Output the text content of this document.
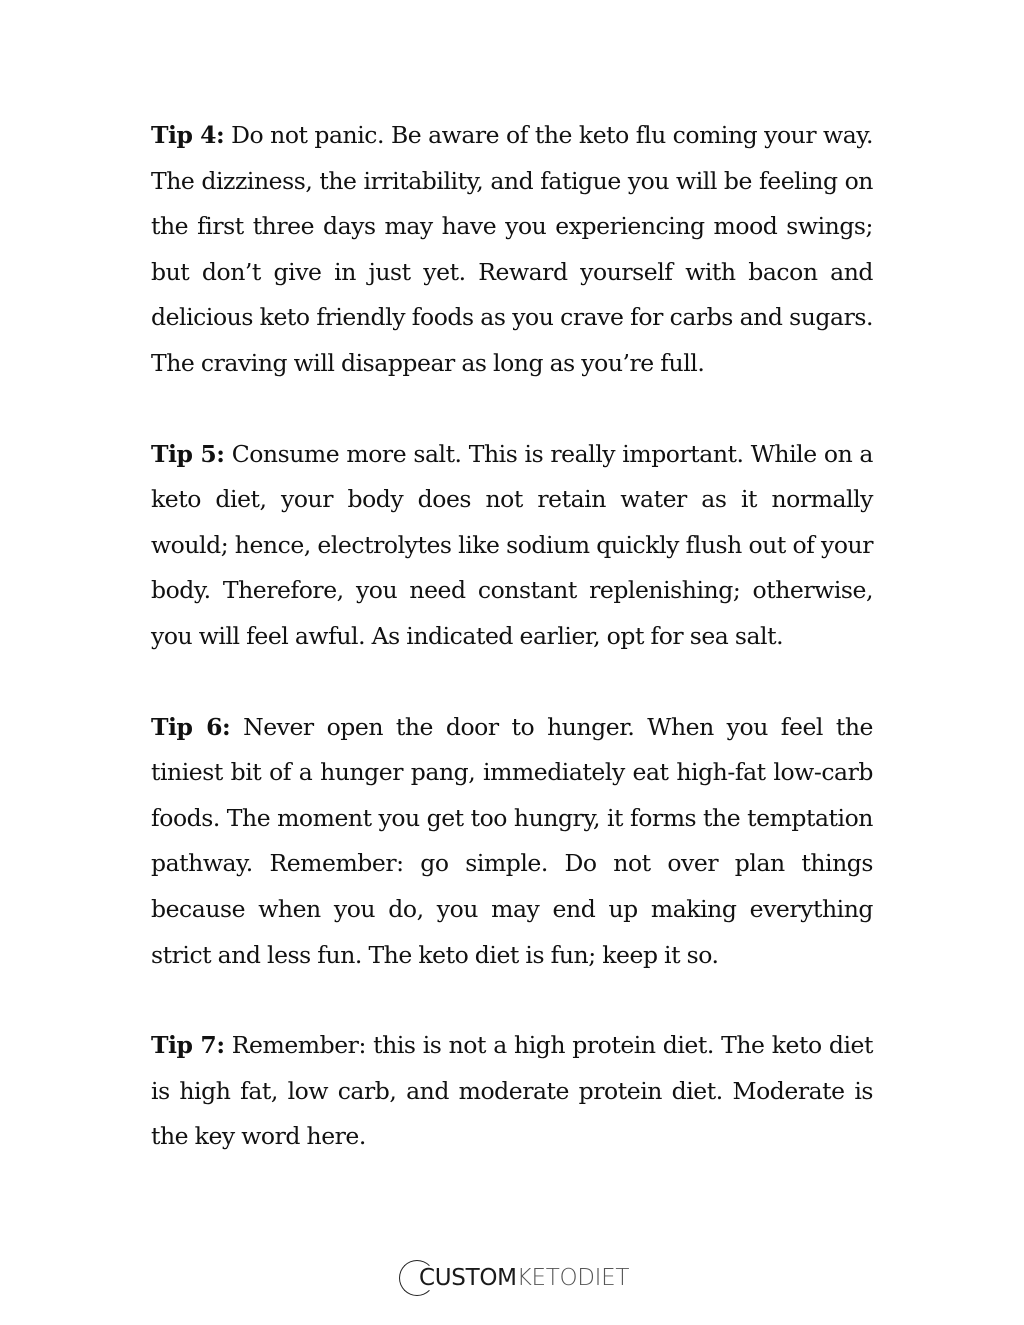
Tip 4: Do not panic. Be aware of the keto flu coming your way. The dizziness, the irritability, and fatigue you will be feeling on the first three days may have you experiencing mood swings; but don’t give in just yet. Reward yourself with bacon and delicious keto friendly foods as you crave for carbs and sugars. The craving will disappear as long as you’re full.

Tip 5: Consume more salt. This is really important. While on a keto diet, your body does not retain water as it normally would; hence, electrolytes like sodium quickly flush out of your body. Therefore, you need constant replenishing; otherwise, you will feel awful. As indicated earlier, opt for sea salt.

Tip 6: Never open the door to hunger. When you feel the tiniest bit of a hunger pang, immediately eat high-fat low-carb foods. The moment you get too hungry, it forms the temptation pathway. Remember: go simple. Do not over plan things because when you do, you may end up making everything strict and less fun. The keto diet is fun; keep it so.

Tip 7: Remember: this is not a high protein diet. The keto diet is high fat, low carb, and moderate protein diet. Moderate is the key word here.

CUSTOM KETODIET
